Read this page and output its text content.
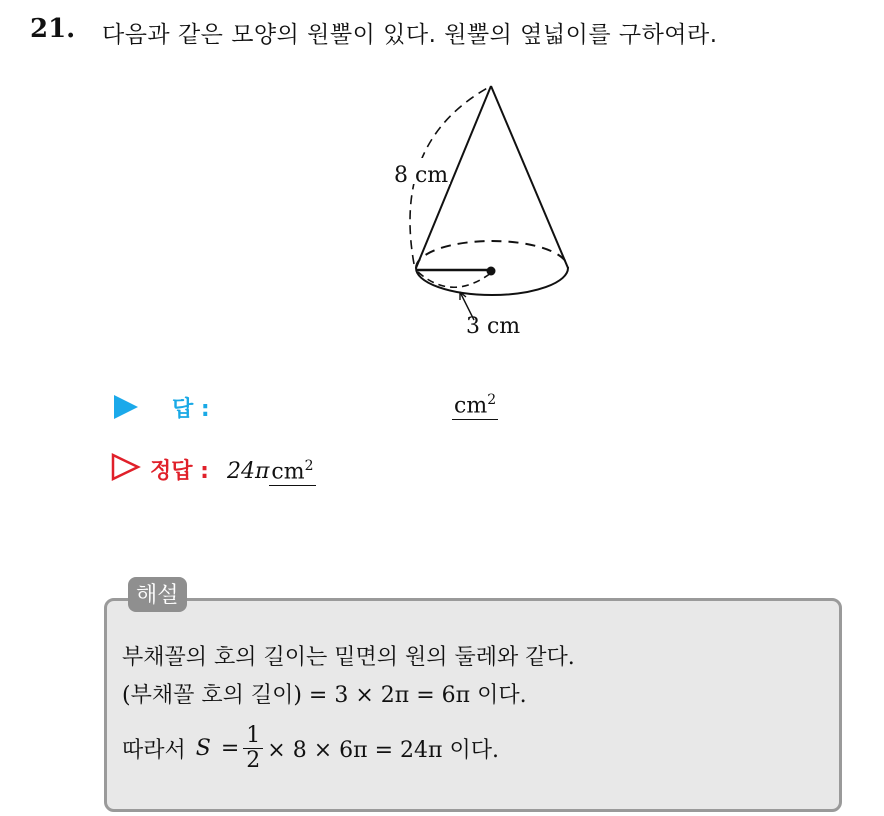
21. 다음과 같은 모양의 원뿔이 있다. 원뿔의 옆넓이를 구하여라.
8 cm
3 cm
답 :	$cm^2$
정답 : 24π $cm^2$
해설
부채꼴의 호의 길이는 밑면의 원의 둘레와 같다.
(부채꼴 호의 길이) = 3 × 2π = 6π 이다.
따라서 $S = \frac{1}{2} \times 8 \times 6\pi = 24\pi$ 이다.
